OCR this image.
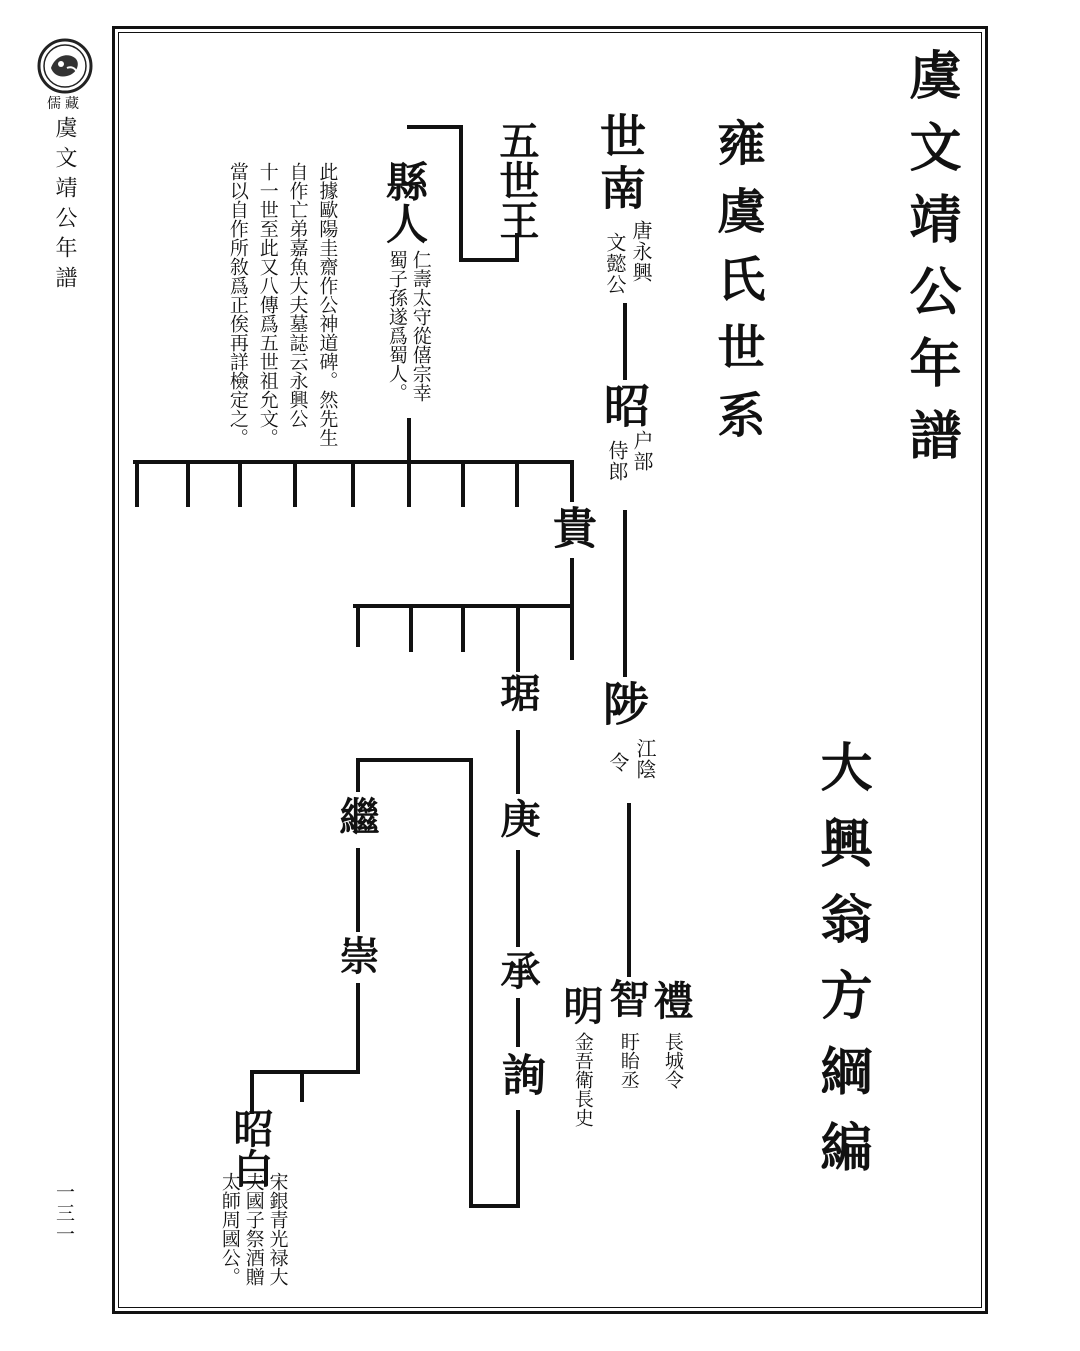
儒藏
虞文靖公年譜
一三一
虞文靖公年譜
雍虞氏世系
大興翁方綱編
世南
唐永興
文懿公
昭
户部
侍郎
陟
江陰
令
禮
長城令
智
盱眙丞
明
金吾衛長史
貴
琚
庚
承
詢
繼
崇
昭白
宋銀青光禄大
夫國子祭酒贈
太師周國公。
五世王
縣人
仁壽太守從僖宗幸
蜀子孫遂爲蜀人。
此據歐陽圭齋作公神道碑。然先生
自作亡弟嘉魚大夫墓誌云永興公
十一世至此又八傳爲五世祖允文。
當以自作所敘爲正俟再詳檢定之。
